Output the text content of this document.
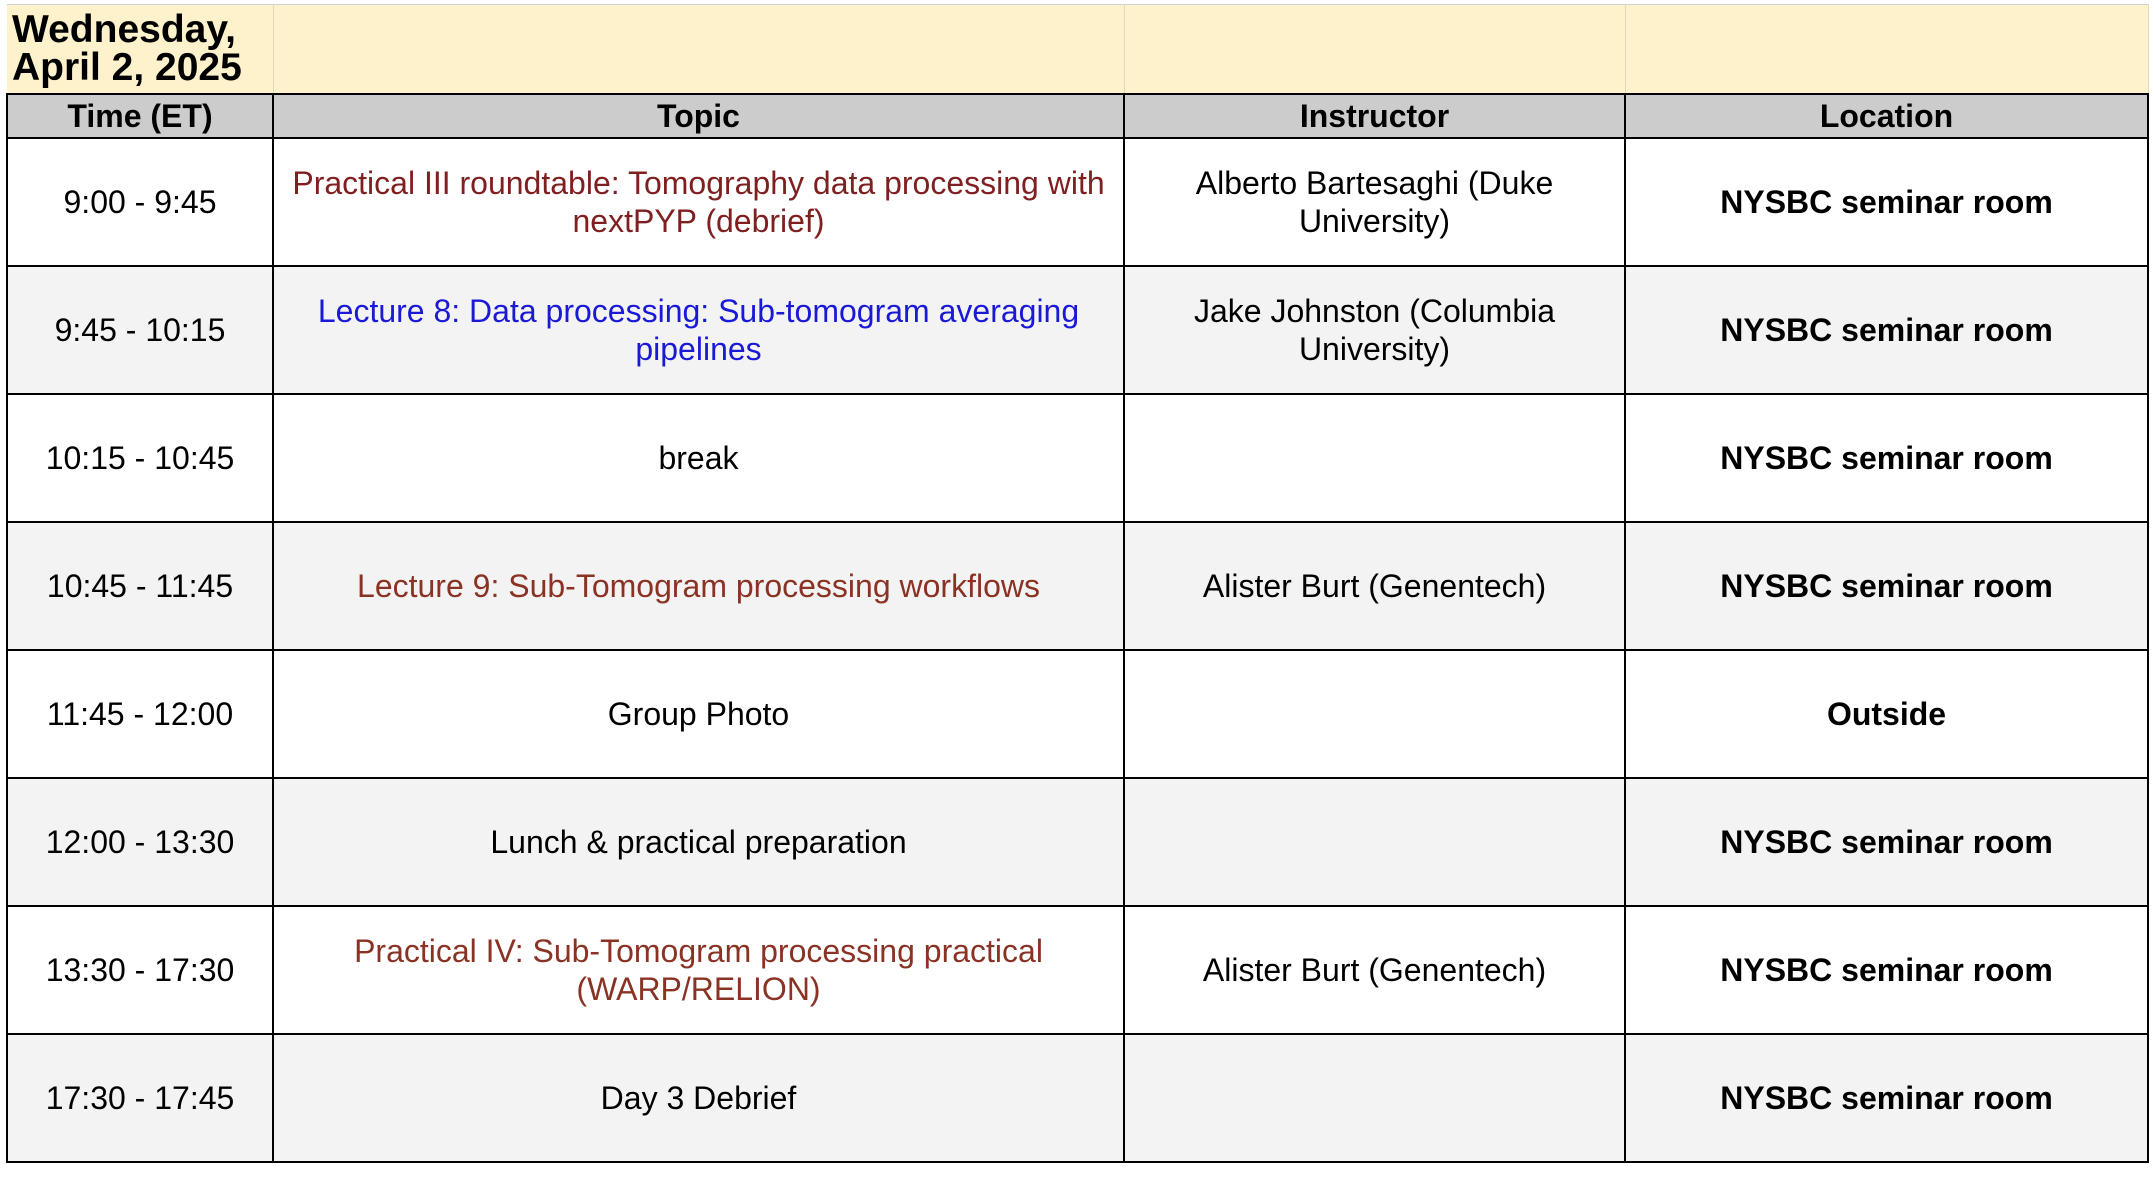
Wednesday, April 2, 2025			
Time (ET)	Topic	Instructor	Location
9:00 - 9:45	Practical III roundtable: Tomography data processing with nextPYP (debrief)	Alberto Bartesaghi (Duke University)	NYSBC seminar room
9:45 - 10:15	Lecture 8: Data processing: Sub-tomogram averaging pipelines	Jake Johnston (Columbia University)	NYSBC seminar room
10:15 - 10:45	break		NYSBC seminar room
10:45 - 11:45	Lecture 9: Sub-Tomogram processing workflows	Alister Burt (Genentech)	NYSBC seminar room
11:45 - 12:00	Group Photo		Outside
12:00 - 13:30	Lunch & practical preparation		NYSBC seminar room
13:30 - 17:30	Practical IV: Sub-Tomogram processing practical (WARP/RELION)	Alister Burt (Genentech)	NYSBC seminar room
17:30 - 17:45	Day 3 Debrief		NYSBC seminar room
